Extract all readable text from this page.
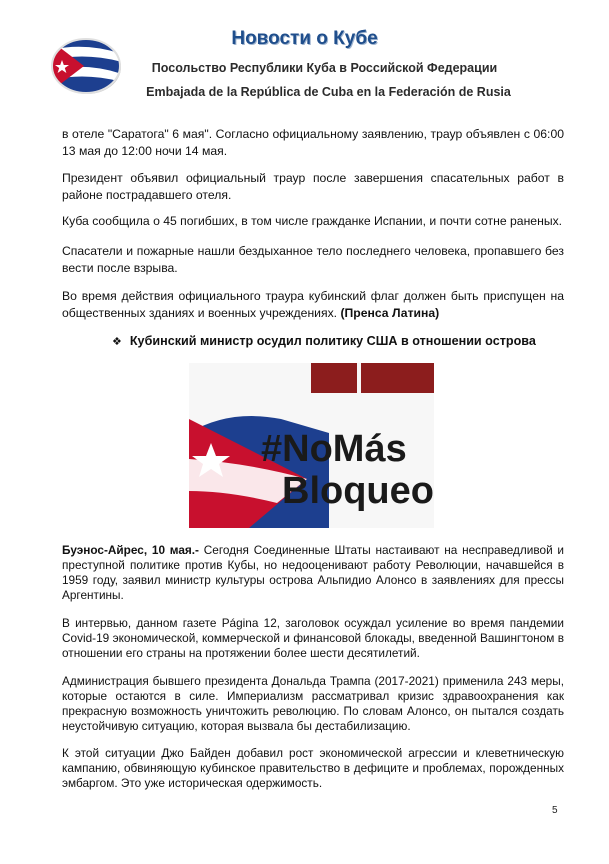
Новости о Кубе
Посольство Республики Куба в Российской Федерации
Embajada de la República de Cuba en la Federación de Rusia

в отеле "Саратога" 6 мая". Согласно официальному заявлению, траур объявлен с 06:00 13 мая до 12:00 ночи 14 мая.

Президент объявил официальный траур после завершения спасательных работ в районе пострадавшего отеля.

Куба сообщила о 45 погибших, в том числе гражданке Испании, и почти сотне раненых.

Спасатели и пожарные нашли бездыханное тело последнего человека, пропавшего без вести после взрыва.

Во время действия официального траура кубинский флаг должен быть приспущен на общественных зданиях и военных учреждениях. (Пренса Латина)

❖ Кубинский министр осудил политику США в отношении острова
#NoMás
Bloqueo

Буэнос-Айрес, 10 мая.- Сегодня Соединенные Штаты настаивают на несправедливой и преступной политике против Кубы, но недооценивают работу Революции, начавшейся в 1959 году, заявил министр культуры острова Альпидио Алонсо в заявлениях для прессы Аргентины.

В интервью, данном газете Página 12, заголовок осуждал усиление во время пандемии Covid-19 экономической, коммерческой и финансовой блокады, введенной Вашингтоном в отношении его страны на протяжении более шести десятилетий.

Администрация бывшего президента Дональда Трампа (2017-2021) применила 243 меры, которые остаются в силе. Империализм рассматривал кризис здравоохранения как прекрасную возможность уничтожить революцию. По словам Алонсо, он пытался создать неустойчивую ситуацию, которая вызвала бы дестабилизацию.

К этой ситуации Джо Байден добавил рост экономической агрессии и клеветническую кампанию, обвиняющую кубинское правительство в дефиците и проблемах, порожденных эмбаргом. Это уже историческая одержимость.

5
